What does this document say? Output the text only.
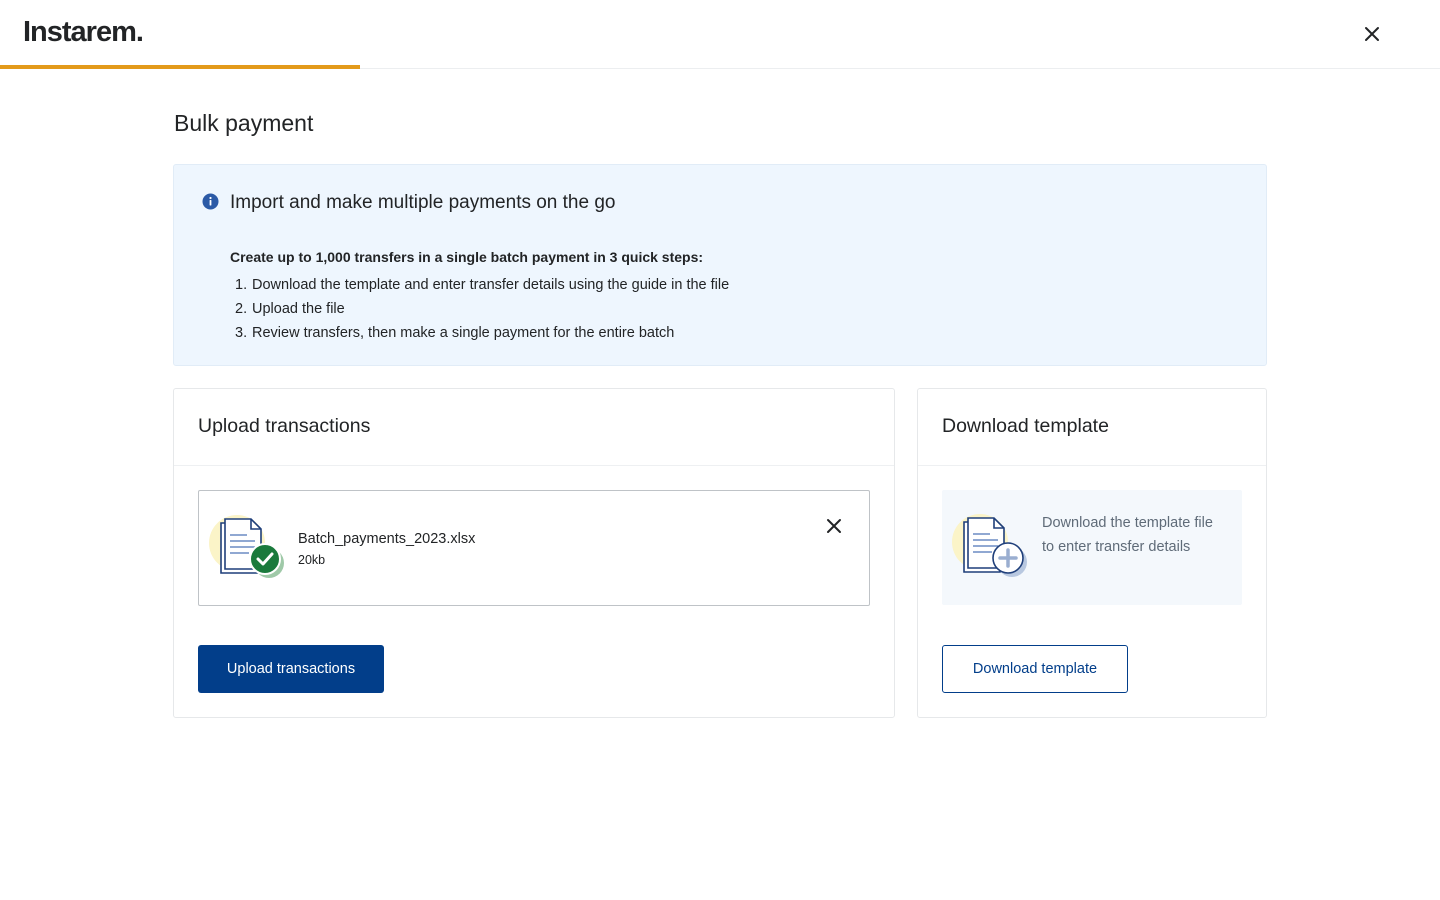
Instarem.
Bulk payment
Import and make multiple payments on the go
Create up to 1,000 transfers in a single batch payment in 3 quick steps:
1. Download the template and enter transfer details using the guide in the file
2. Upload the file
3. Review transfers, then make a single payment for the entire batch
Upload transactions
Batch_payments_2023.xlsx
20kb
Upload transactions
Download template
Download the template file to enter transfer details
Download template
